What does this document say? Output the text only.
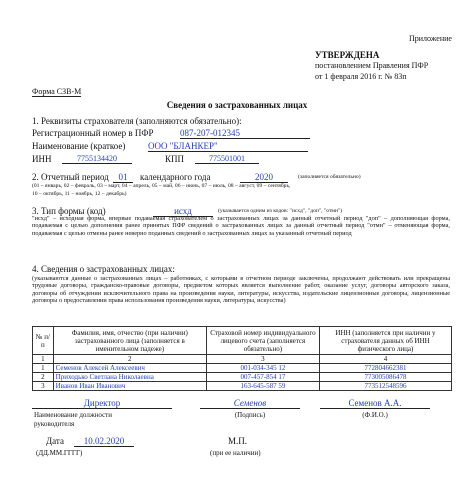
Приложение
УТВЕРЖДЕНА
постановлением Правления ПФР
от 1 февраля 2016 г. № 83п
Форма СЗВ-М
Сведения о застрахованных лицах
1. Реквизиты страхователя (заполняются обязательно):
Регистрационный номер в ПФР	087-207-012345
Наименование (краткое)	ООО "БЛАНКЕР"
ИНН	7755134420	КПП	775501001
2. Отчетный период	01	календарного года	2020	(заполняется обязательно)
(01 – январь, 02 – февраль, 03 – март, 04 – апрель, 05 – май, 06 – июнь, 07 – июль, 08 – август, 09 – сентябрь,
10 – октябрь, 11 – ноябрь, 12 – декабрь)
3. Тип формы (код)	исхд	(указывается одним из кодов: "исхд", "доп", "отмн")
"исхд" – исходная форма, впервые подаваемая страхователем о застрахованных лицах за данный отчетный период "доп" – дополняющая форма, подаваемая с целью дополнения ранее принятых ПФР сведений о застрахованных лицах за данный отчетный период "отмн" – отменяющая форма, подаваемая с целью отмены ранее неверно поданных сведений о застрахованных лицах за указанный отчетный период
4. Сведения о застрахованных лицах:
(указываются данные о застрахованных лицах – работниках, с которыми в отчетном периоде заключены, продолжают действовать или прекращены трудовые договоры, гражданско-правовые договоры, предметом которых является выполнение работ, оказание услуг, договоры авторского заказа, договоры об отчуждении исключительного права на произведения науки, литературы, искусства, издательские лицензионные договоры, лицензионные договоры о предоставлении права использования произведения науки, литературы, искусства)
№ п/п	Фамилия, имя, отчество (при наличии) застрахованного лица (заполняется в именительном падеже)	Страховой номер индивидуального лицевого счета (заполняется обязательно)	ИНН (заполняется при наличии у страхователя данных об ИНН физического лица)
1	2	3	4
1	Семенов Алексей Алексеевич	001-034-345 12	772804662381
2	Приходько Светлана Николаевна	007-457-854 17	773005086478
3	Иванов Иван Иванович	163-645-587 59	773512548596
Директор
Наименование должности
руководителя
Семенов
(Подпись)
Семенов А.А.
(Ф.И.О.)
Дата	10.02.2020
(ДД.ММ.ГГГГ)
М.П.
(при ее наличии)
